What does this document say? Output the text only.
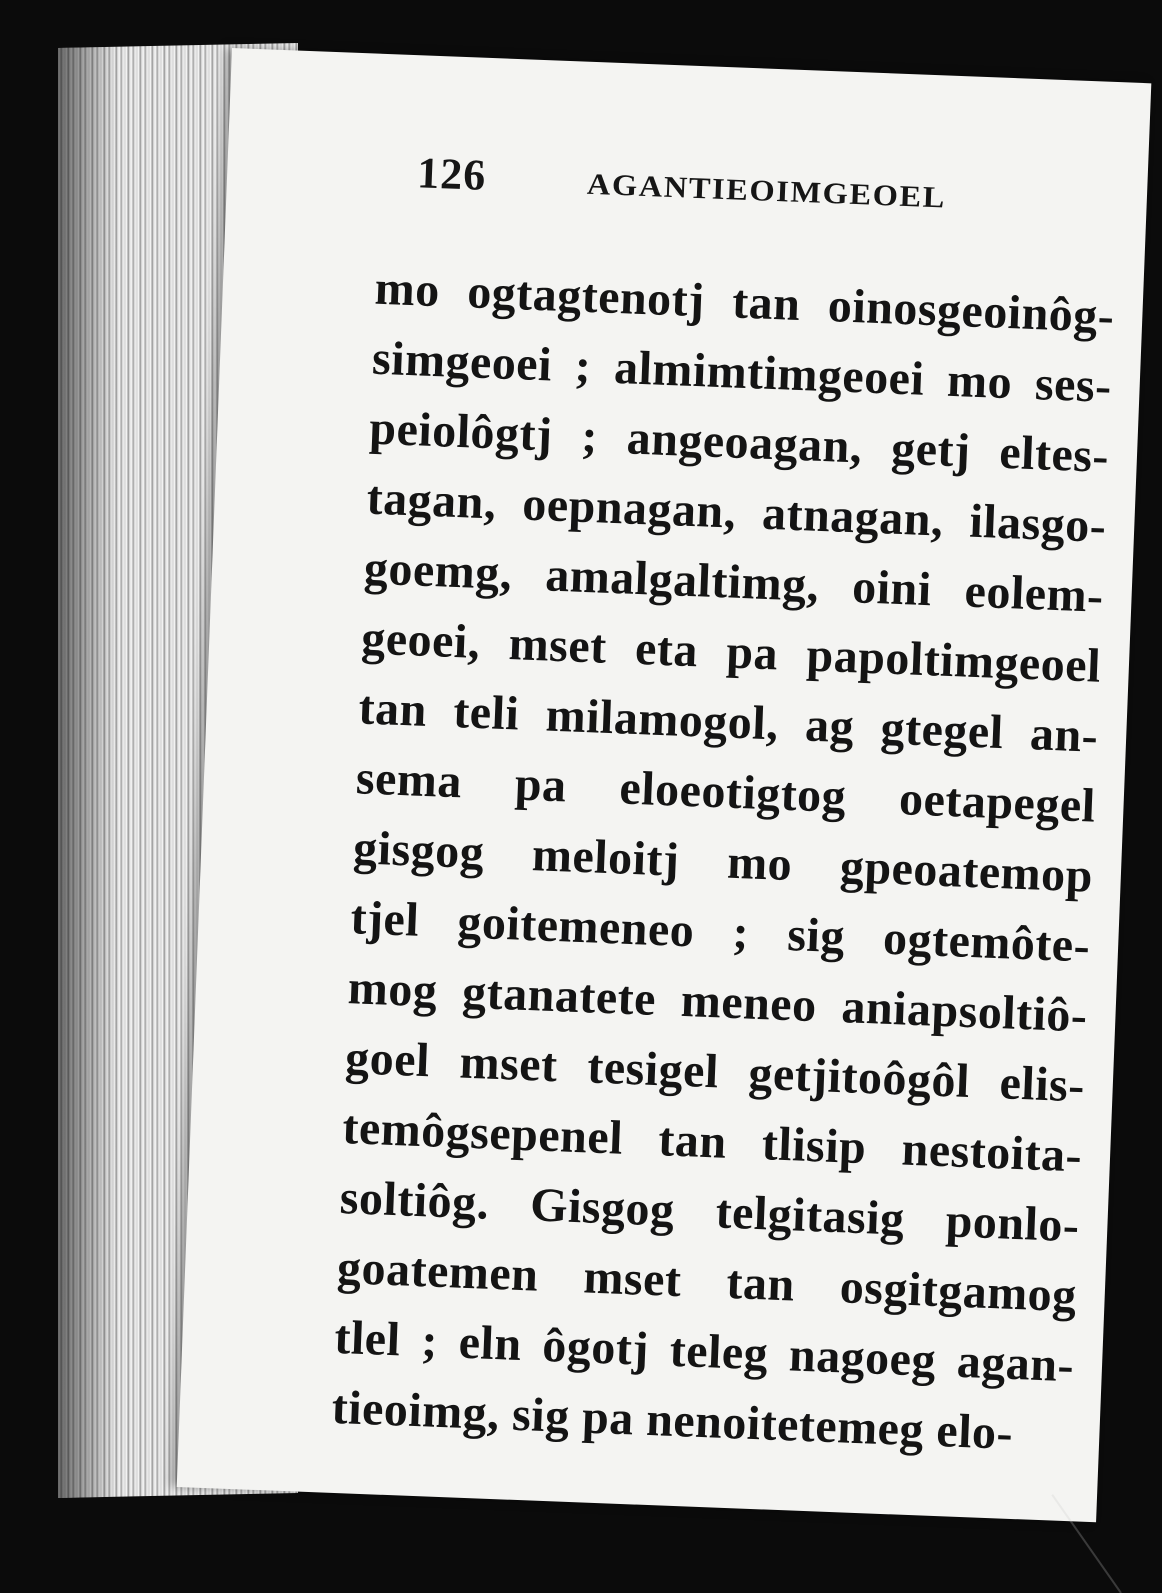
126	AGANTIEOIMGEOEL
mo ogtagtenotj tan oinosgeoinôg-
simgeoei ; almimtimgeoei mo ses-
peiolôgtj ; angeoagan, getj eltes-
tagan, oepnagan, atnagan, ilasgo-
goemg, amalgaltimg, oini eolem-
geoei, mset eta pa papoltimgeoel
tan teli milamogol, ag gtegel an-
sema pa eloeotigtog oetapegel
gisgog meloitj mo gpeoatemop
tjel goitemeneo ; sig ogtemôte-
mog gtanatete meneo aniapsoltiô-
goel mset tesigel getjitoôgôl elis-
temôgsepenel tan tlisip nestoita-
soltiôg. Gisgog telgitasig ponlo-
goatemen mset tan osgitgamog
tlel ; eln ôgotj teleg nagoeg agan-
tieoimg, sig pa nenoitetemeg elo-
